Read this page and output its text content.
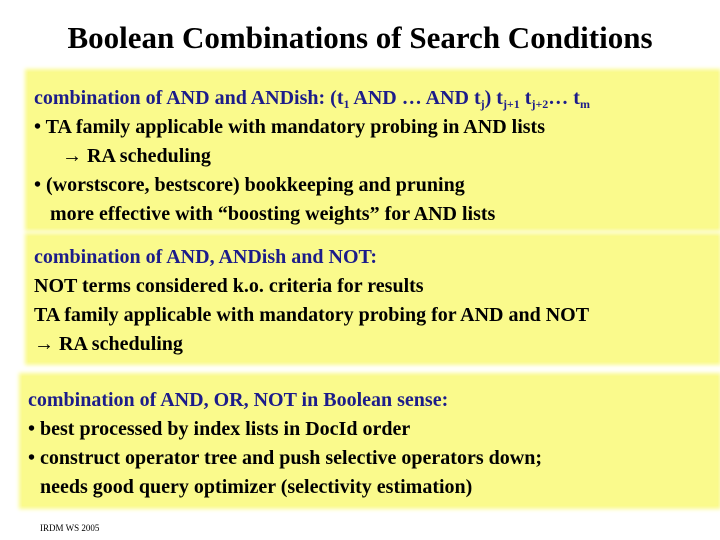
Boolean Combinations of Search Conditions
combination of AND and ANDish: ($t_1$ AND … AND $t_j$) $t_{j+1}$ $t_{j+2}\dots$ $t_m$
• TA family applicable with mandatory probing in AND lists
→ RA scheduling
• (worstscore, bestscore) bookkeeping and pruning
more effective with “boosting weights” for AND lists
combination of AND, ANDish and NOT:
NOT terms considered k.o. criteria for results
TA family applicable with mandatory probing for AND and NOT
→ RA scheduling
combination of AND, OR, NOT in Boolean sense:
• best processed by index lists in DocId order
• construct operator tree and push selective operators down;
needs good query optimizer (selectivity estimation)
IRDM WS 2005
